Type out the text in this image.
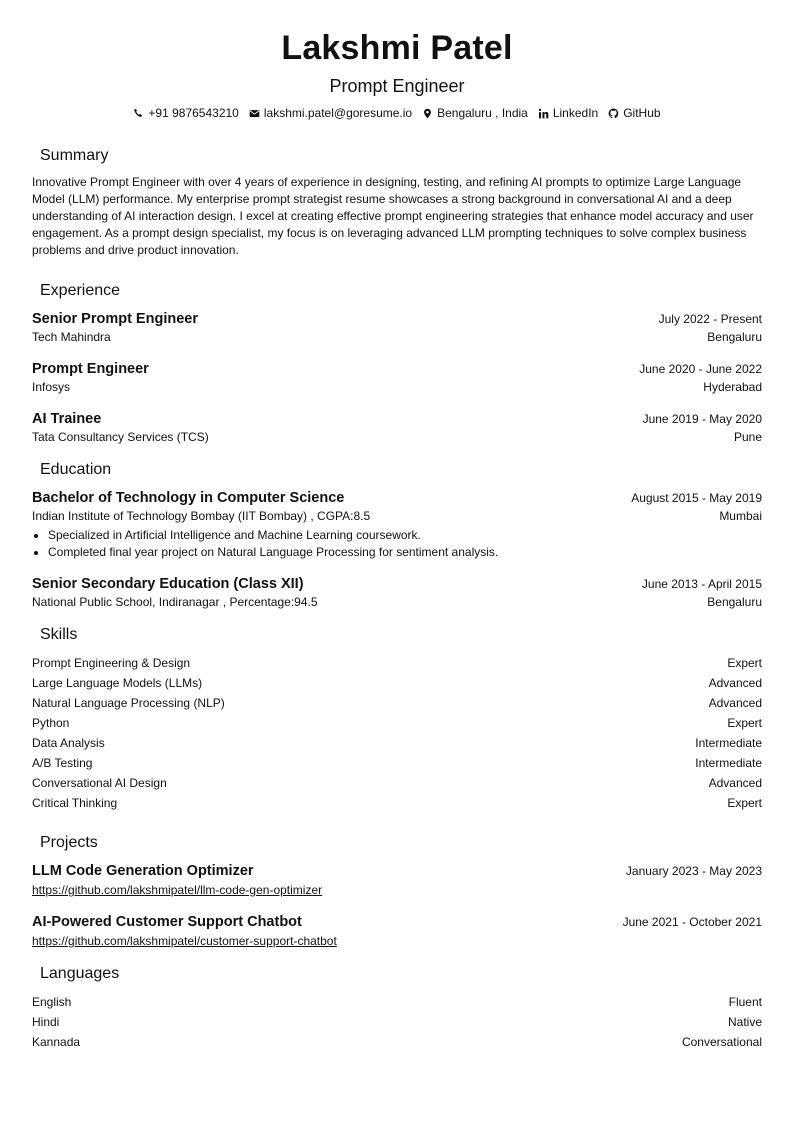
Lakshmi Patel
Prompt Engineer
+91 9876543210 lakshmi.patel@goresume.io Bengaluru , India LinkedIn GitHub
Summary
Innovative Prompt Engineer with over 4 years of experience in designing, testing, and refining AI prompts to optimize Large Language Model (LLM) performance. My enterprise prompt strategist resume showcases a strong background in conversational AI and a deep understanding of AI interaction design. I excel at creating effective prompt engineering strategies that enhance model accuracy and user engagement. As a prompt design specialist, my focus is on leveraging advanced LLM prompting techniques to solve complex business problems and drive product innovation.
Experience
Senior Prompt Engineer	July 2022 - Present
Tech Mahindra	Bengaluru
Prompt Engineer	June 2020 - June 2022
Infosys	Hyderabad
AI Trainee	June 2019 - May 2020
Tata Consultancy Services (TCS)	Pune
Education
Bachelor of Technology in Computer Science	August 2015 - May 2019
Indian Institute of Technology Bombay (IIT Bombay) , CGPA:8.5	Mumbai
• Specialized in Artificial Intelligence and Machine Learning coursework.
• Completed final year project on Natural Language Processing for sentiment analysis.
Senior Secondary Education (Class XII)	June 2013 - April 2015
National Public School, Indiranagar , Percentage:94.5	Bengaluru
Skills
Prompt Engineering & Design	Expert
Large Language Models (LLMs)	Advanced
Natural Language Processing (NLP)	Advanced
Python	Expert
Data Analysis	Intermediate
A/B Testing	Intermediate
Conversational AI Design	Advanced
Critical Thinking	Expert
Projects
LLM Code Generation Optimizer	January 2023 - May 2023
https://github.com/lakshmipatel/llm-code-gen-optimizer
AI-Powered Customer Support Chatbot	June 2021 - October 2021
https://github.com/lakshmipatel/customer-support-chatbot
Languages
English	Fluent
Hindi	Native
Kannada	Conversational
